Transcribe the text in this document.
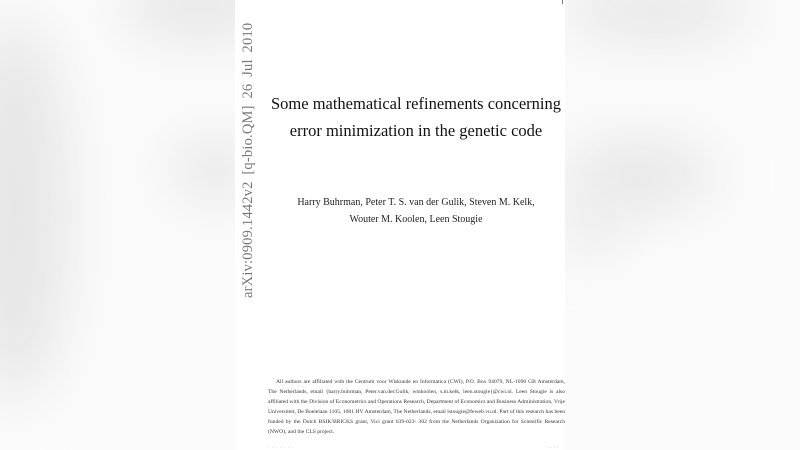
Some mathematical refinements concerning
error minimization in the genetic code
Harry Buhrman, Peter T. S. van der Gulik, Steven M. Kelk,
Wouter M. Koolen, Leen Stougie
All authors are affiliated with the Centrum voor Wiskunde en Informatica (CWI), P.O. Box 94079, NL-1090 GB Amsterdam, The Netherlands, email {harry.buhrman, Peter.van.der.Gulik, wmkoolen, s.m.kelk, leen.stougie}@cwi.nl. Leen Stougie is also affiliated with the Division of Econometrics and Operations Research, Department of Economics and Business Administration, Vrije Universiteit, De Boelelaan 1105, 1081 HV Amsterdam, The Netherlands, email lstougie@feweb.vu.nl. Part of this research has been funded by the Dutch BSIK/BRICKS grant, Vici grant 639-023- 302 from the Netherlands Organization for Scientific Research (NWO), and the CLS project.
· · · · · · ·	· · · ·
arXiv:0909.1442v2 [q-bio.QM] 26 Jul 2010
